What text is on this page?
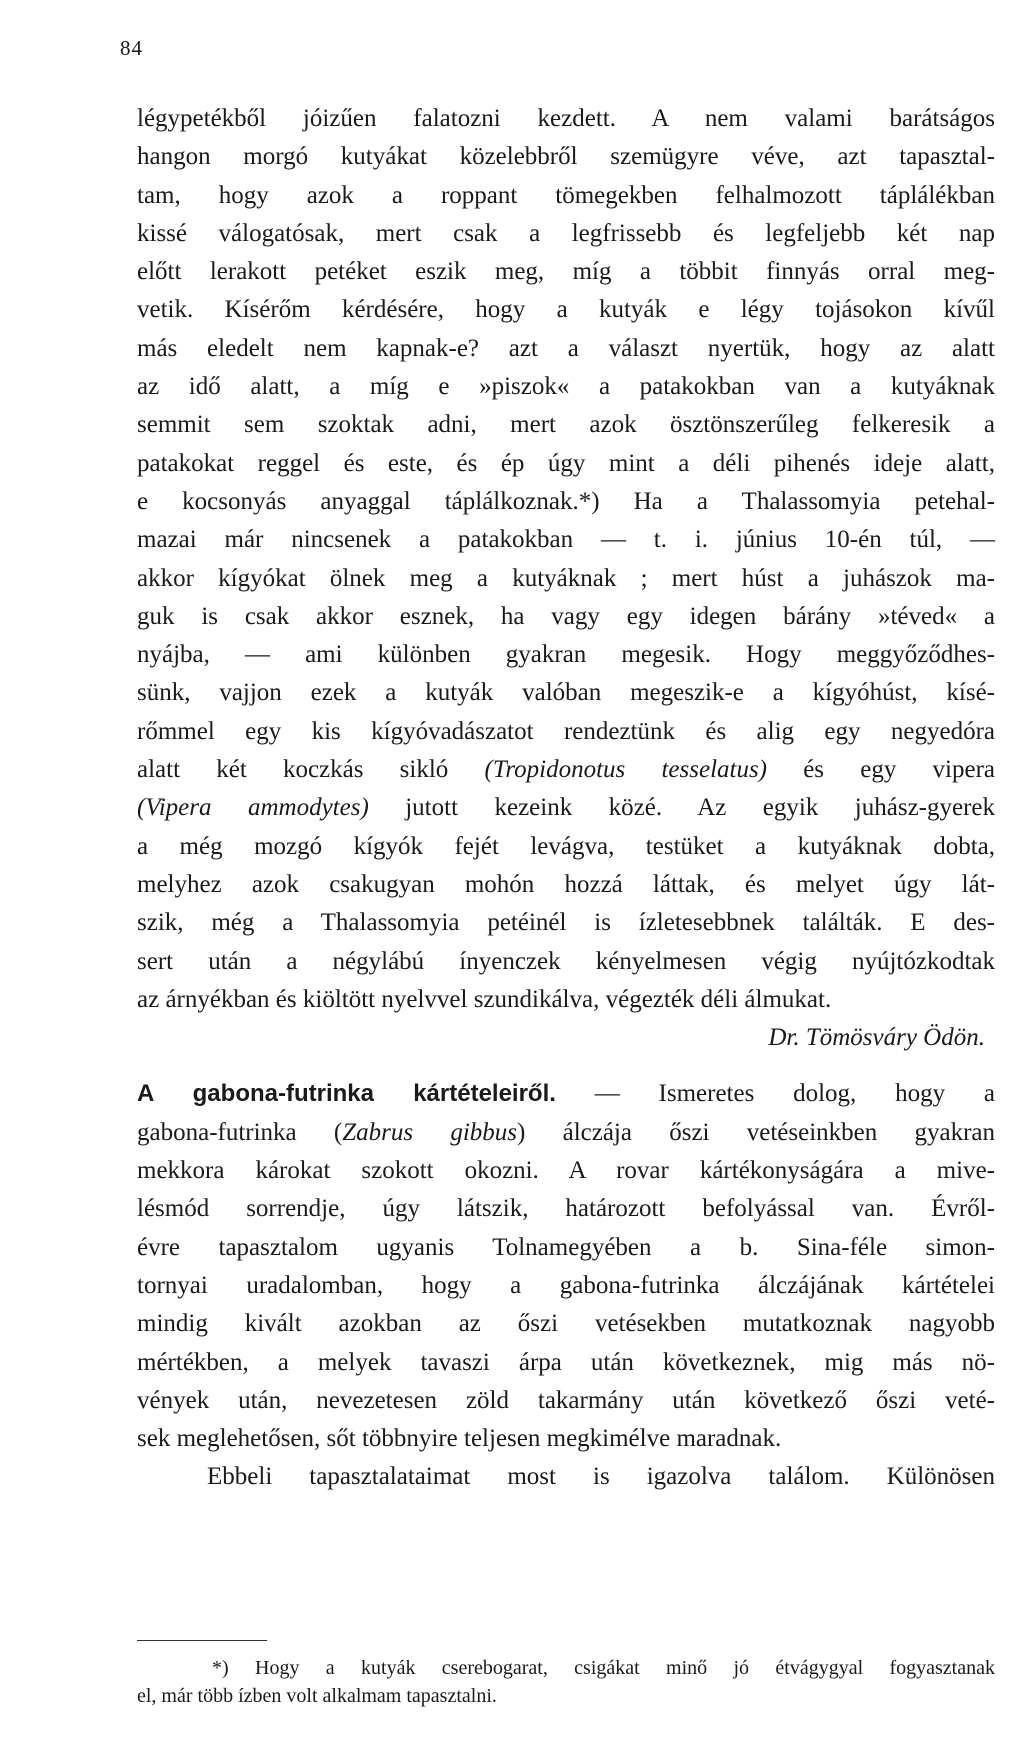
84
légypetékből jóizűen falatozni kezdett. A nem valami barátságos
hangon morgó kutyákat közelebbről szemügyre véve, azt tapasztal-
tam, hogy azok a roppant tömegekben felhalmozott táplálékban
kissé válogatósak, mert csak a legfrissebb és legfeljebb két nap
előtt lerakott petéket eszik meg, míg a többit finnyás orral meg-
vetik. Kísérőm kérdésére, hogy a kutyák e légy tojásokon kívűl
más eledelt nem kapnak-e? azt a választ nyertük, hogy az alatt
az idő alatt, a míg e »piszok« a patakokban van a kutyáknak
semmit sem szoktak adni, mert azok ösztönszerűleg felkeresik a
patakokat reggel és este, és ép úgy mint a déli pihenés ideje alatt,
e kocsonyás anyaggal táplálkoznak.*) Ha a Thalassomyia petehal-
mazai már nincsenek a patakokban — t. i. június 10-én túl, —
akkor kígyókat ölnek meg a kutyáknak ; mert húst a juhászok ma-
guk is csak akkor esznek, ha vagy egy idegen bárány »téved« a
nyájba, — ami különben gyakran megesik. Hogy meggyőződhes-
sünk, vajjon ezek a kutyák valóban megeszik-e a kígyóhúst, kísé-
rőmmel egy kis kígyóvadászatot rendeztünk és alig egy negyedóra
alatt két koczkás sikló (Tropidonotus tesselatus) és egy vipera
(Vipera ammodytes) jutott kezeink közé. Az egyik juhász-gyerek
a még mozgó kígyók fejét levágva, testüket a kutyáknak dobta,
melyhez azok csakugyan mohón hozzá láttak, és melyet úgy lát-
szik, még a Thalassomyia petéinél is ízletesebbnek találták. E des-
sert után a négylábú ínyenczek kényelmesen végig nyújtózkodtak
az árnyékban és kiöltött nyelvvel szundikálva, végezték déli álmukat.
Dr. Tömösváry Ödön.
A gabona-futrinka kártételeiről. — Ismeretes dolog, hogy a
gabona-futrinka (Zabrus gibbus) álczája őszi vetéseinkben gyakran
mekkora károkat szokott okozni. A rovar kártékonyságára a mive-
lésmód sorrendje, úgy látszik, határozott befolyással van. Évről-
évre tapasztalom ugyanis Tolnamegyében a b. Sina-féle simon-
tornyai uradalomban, hogy a gabona-futrinka álczájának kártételei
mindig kivált azokban az őszi vetésekben mutatkoznak nagyobb
mértékben, a melyek tavaszi árpa után következnek, mig más nö-
vények után, nevezetesen zöld takarmány után következő őszi veté-
sek meglehetősen, sőt többnyire teljesen megkimélve maradnak.
Ebbeli tapasztalataimat most is igazolva találom. Különösen
*) Hogy a kutyák cserebogarat, csigákat minő jó étvágygyal fogyasztanak
el, már több ízben volt alkalmam tapasztalni.
